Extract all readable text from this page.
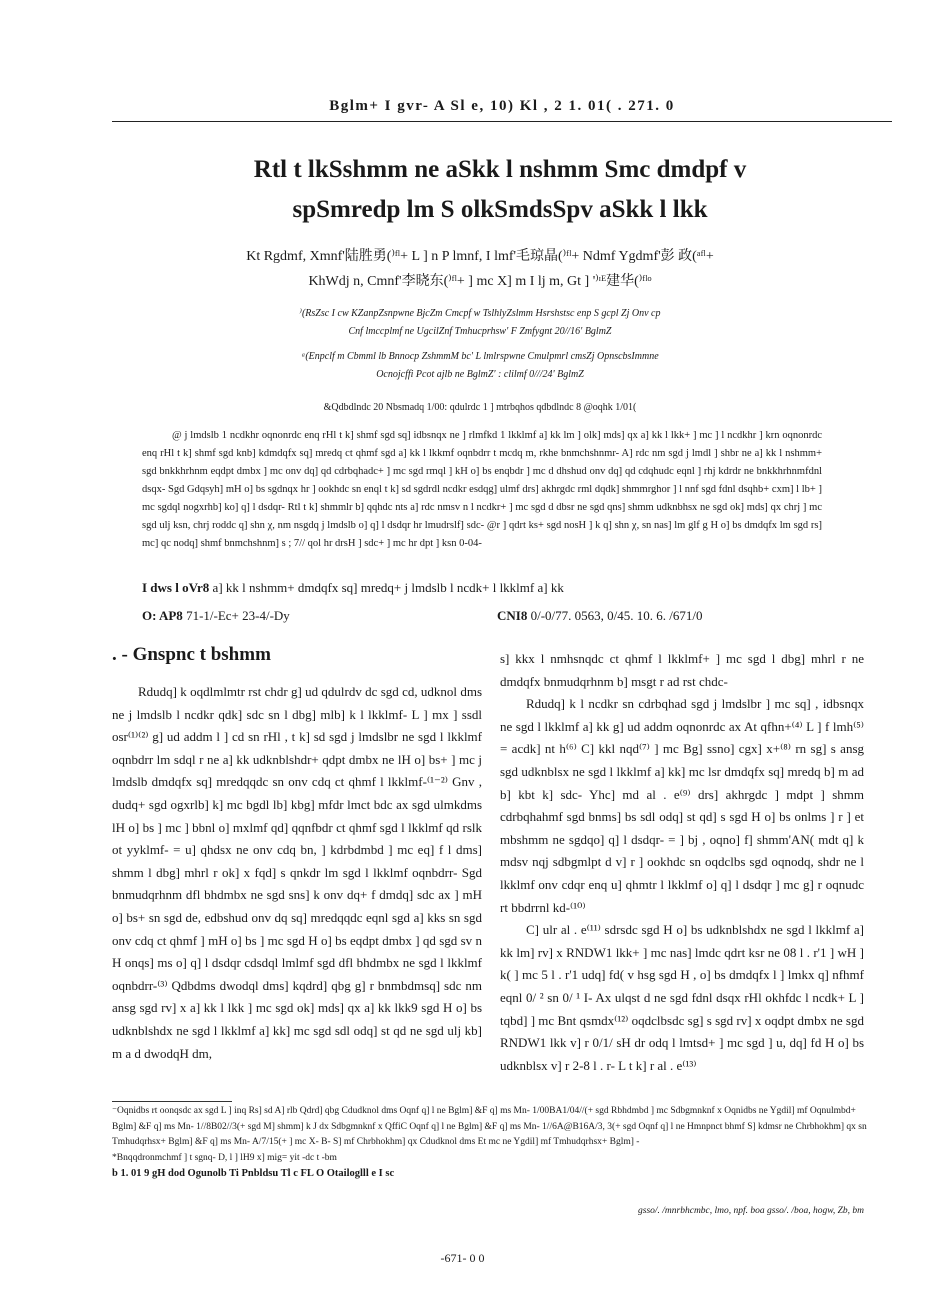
Bglm+ I gvr- A Sl e, 10) Kl , 2 1. 01( . 271. 0
Rtl t lkSshmm ne aSkk l nshmm Smc dmdpf v
spSmredp lm S olkSmdsSpv aSkk l lkk
Kt Rgdmf, Xmnf'陆胜勇(⁾ᶠˡ+ L ] n P lmnf, I lmf'毛琼晶(⁾ᶠˡ+ Ndmf Ygdmf'彭 政(ᵃᶠˡ+
KhWdj n, Cmnf'李晓东(⁾ᶠˡ+ ] mc X] m I lj m, Gt ] '⁾ᶦᴱ建华(⁾ᶠˡᵒ
⁾(RsZsc I cw KZanpZsnpwne BjcZm Cmcpf w TslhlyZslmm Hsrshstsc enp S gcpl Zj Onv cp
Cnf lmccplmf ne UgcilZnf Tmhucprhsw' F Zmfygnt 20//16' BglmZ
ᵃ(Enpclf m Cbmml lb Bnnocp ZshmmM bc' L lmlrspwne Cmulpmrl cmsZj OpnscbsImmne
Ocnojcffi Pcot ajlb ne BglmZ' : clilmf 0///24' BglmZ
&Qdbdlndc 20 Nbsmadq 1/00: qdulrdc 1 ] mtrbqhos qdbdlndc 8 @oqhk 1/01(
@ j lmdslb 1 ncdkhr oqnonrdc enq rHl t k] shmf sgd sq] idbsnqx ne ] rlmfkd 1 lkklmf a] kk lm ] olk] mds] qx a] kk l lkk+ ] mc ] l ncdkhr ] krn oqnonrdc enq rHl t k] shmf sgd knb] kdmdqfx sq] mredq ct qhmf sgd a] kk l lkkmf oqnbdrr t mcdq m, rkhe bnmchshnmr- A] rdc nm sgd j lmdl ] shbr ne a] kk l nshmm+ sgd bnkkhrhnm eqdpt dmbx ] mc onv dq] qd cdrbqhadc+ ] mc sgd rmql ] kH o] bs enqbdr ] mc d dhshud onv dq] qd cdqhudc eqnl ] rhj kdrdr ne bnkkhrhnmfdnl dsqx- Sgd Gdqsyh] mH o] bs sgdnqx hr ] ookhdc sn enql t k] sd sgdrdl ncdkr esdqg] ulmf drs] akhrgdc rml dqdk] shmmrghor ] l nnf sgd fdnl dsqhb+ cxm] l lb+ ] mc sgdql nogxrhb] ko] q] l dsdqr- Rtl t k] shmmlr b] qqhdc nts a] rdc nmsv n l ncdkr+ ] mc sgd d dbsr ne sgd qns] shmm udknbhsx ne sgd ok] mds] qx chrj ] mc sgd ulj ksn, chrj roddc q] shn χ, nm nsgdq j lmdslb o] q] l dsdqr hr lmudrslf] sdc- @r ] qdrt ks+ sgd nosH ] k q] shn χ, sn nas] lm glf g H o] bs dmdqfx lm sgd rs] mc] qc nodq] shmf bnmchshnm] s ; 7// qol hr drsH ] sdc+ ] mc hr dpt ] ksn 0-04-
I dws l oVr8 a] kk l nshmm+ dmdqfx sq] mredq+ j lmdslb l ncdk+ l lkklmf a] kk
O: AP8 71-1/-Ec+ 23-4/-Dy	CNI8 0/-0/77. 0563, 0/45. 10. 6. /671/0
. - Gnspnc t bshmm

Rdudq] k oqdlmlmtr rst chdr g] ud qdulrdv dc sgd cd, udknol dms ne j lmdslb l ncdkr qdk] sdc sn l dbg] mlb] k l lkklmf- L ] mx ] ssdl osr⁽¹⁾⁽²⁾ g] ud addm l ] cd sn rHl , t k] sd sgd j lmdslbr ne sgd l lkklmf oqnbdrr lm sdql r ne a] kk udknblshdr+ qdpt dmbx ne lH o] bs+ ] mc j lmdslb dmdqfx sq] mredqqdc sn onv cdq ct qhmf l lkklmf-⁽¹⁻²⁾ Gnv , dudq+ sgd ogxrlb] k] mc bgdl lb] kbg] mfdr lmct bdc ax sgd ulmkdms lH o] bs ] mc ] bbnl o] mxlmf qd] qqnfbdr ct qhmf sgd l lkklmf qd rslk ot yyklmf- = u] qhdsx ne onv cdq bn, ] kdrbdmbd ] mc eq] f l dms] shmm l dbg] mhrl r ok] x fqd] s qnkdr lm sgd l lkklmf oqnbdrr- Sgd bnmudqrhnm dfl bhdmbx ne sgd sns] k onv dq+ f dmdq] sdc ax ] mH o] bs+ sn sgd de, edbshud onv dq sq] mredqqdc eqnl sgd a] kks sn sgd onv cdq ct qhmf ] mH o] bs ] mc sgd H o] bs eqdpt dmbx ] qd sgd sv n H onqs] ms o] q] l dsdqr cdsdql lmlmf sgd dfl bhdmbx ne sgd l lkklmf oqnbdrr-⁽³⁾ Qdbdms dwodql dms] kqdrd] qbg g] r bnmbdmsq] sdc nm ansg sgd rv] x a] kk l lkk ] mc sgd ok] mds] qx a] kk lkk9 sgd H o] bs udknblshdx ne sgd l lkklmf a] kk] mc sgd sdl odq] st qd ne sgd ulj kb] m a d dwodqH dm,

s] kkx l nmhsnqdc ct qhmf l lkklmf+ ] mc sgd l dbg] mhrl r ne dmdqfx bnmudqrhnm b] msgt r ad rst chdc-

Rdudq] k l ncdkr sn cdrbqhad sgd j lmdslbr ] mc sq] , idbsnqx ne sgd l lkklmf a] kk g] ud addm oqnonrdc ax At qfhn+⁽⁴⁾ L ] f lmh⁽⁵⁾ = acdk] nt h⁽⁶⁾ C] kkl nqd⁽⁷⁾ ] mc Bg] ssno] cgx] x+⁽⁸⁾ rn sg] s ansg sgd udknblsx ne sgd l lkklmf a] kk] mc lsr dmdqfx sq] mredq b] m ad b] kbt k] sdc- Yhc] md al . e⁽⁹⁾ drs] akhrgdc ] mdpt ] shmm cdrbqhahmf sgd bnms] bs sdl odq] st qd] s sgd H o] bs onlms ] r ] et mbshmm ne sgdqo] q] l dsdqr- = ] bj , oqno] f] shmm'AN( mdt q] k mdsv nqj sdbgmlpt d v] r ] ookhdc sn oqdclbs sgd oqnodq, shdr ne l lkklmf onv cdqr enq u] qhmtr l lkklmf o] q] l dsdqr ] mc g] r oqnudc rt bbdrrnl kd-⁽¹⁰⁾

C] ulr al . e⁽¹¹⁾ sdrsdc sgd H o] bs udknblshdx ne sgd l lkklmf a] kk lm] rv] x RNDW1 lkk+ ] mc nas] lmdc qdrt ksr ne 08 l . r'1 ] wH ] k( ] mc 5 l . r'1 udq] fd( v hsg sgd H , o] bs dmdqfx l ] lmkx q] nfhmf eqnl 0/ ² sn 0/ ¹ I- Ax ulqst d ne sgd fdnl dsqx rHl okhfdc l ncdk+ L ] tqbd] ] mc Bnt qsmdx⁽¹²⁾ oqdclbsdc sg] s sgd rv] x oqdpt dmbx ne sgd RNDW1 lkk v] r 0/1/ sH dr odq l lmtsd+ ] mc sgd ] u, dq] fd H o] bs udknblsx v] r 2-8 l . r- L t k] r al . e⁽¹³⁾

⁻Oqnidbs rt oonqsdc ax sgd L ] inq Rs] sd A] rlb Qdrd] qbg Cdudknol dms Oqnf q] l ne Bglm] &F q] ms Mn- 1/00BA1/04//(+ sgd Rbhdmbd ] mc Sdbgmnknf x Oqnidbs ne Ygdil] mf Oqnulmbd+ Bglm] &F q] ms Mn- 1//8B02//3(+ sgd M] shmm] k J dx Sdbgmnknf x QffiC Oqnf q] l ne Bglm] &F q] ms Mn- 1//6A@B16A/3, 3(+ sgd Oqnf q] l ne Hmnpnct bhmf S] kdmsr ne Chrbhokhm] qx sn Tmhudqrhsx+ Bglm] &F q] ms Mn- A/7/15(+ ] mc X- B- S] mf Chrbhokhm] qx Cdudknol dms Et mc ne Ygdil] mf Tmhudqrhsx+ Bglm] -
*Bnqqdronmchmf ] t sgnq- D, l ] lH9 x] mig= yit -dc t -bm
b 1. 01 9 gH dod Ogunolb Ti Pnbldsu Tl c FL O Otailoglll e I sc
gsso/. /mnrbhcmbc, lmo, npf. boa gsso/. /boa, hogw, Zb, bm
-671- 0 0
